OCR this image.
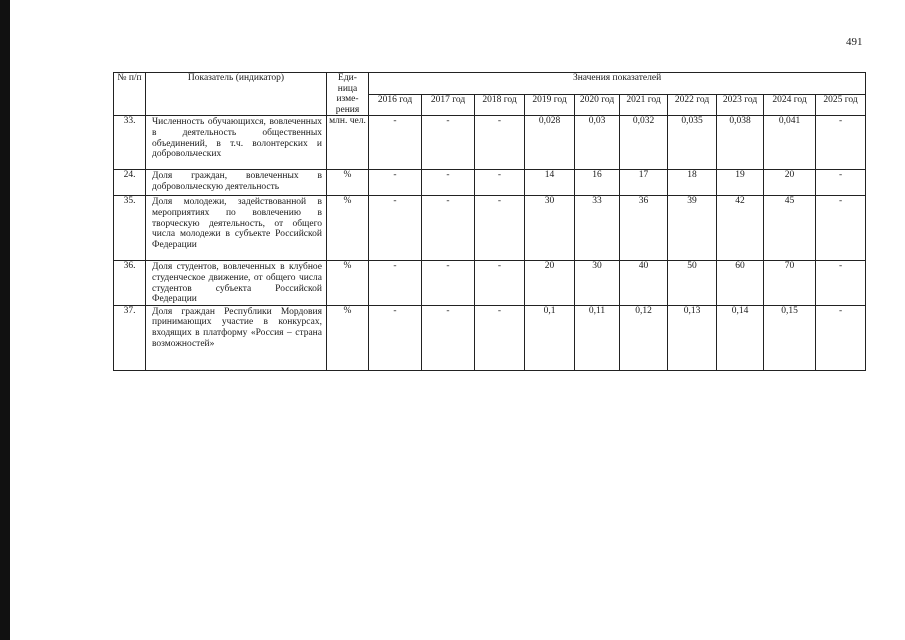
491
№ п/п	Показатель (индикатор)	Еди-ница изме-рения	Значения показателей									
			2016 год	2017 год	2018 год	2019 год	2020 год	2021 год	2022 год	2023 год	2024 год	2025 год
33.	Численность обучающихся, вовлеченных в деятельность общественных объединений, в т.ч. волонтерских и добровольческих	млн. чел.	-	-	-	0,028	0,03	0,032	0,035	0,038	0,041	-
24.	Доля граждан, вовлеченных в добровольческую деятельность	%	-	-	-	14	16	17	18	19	20	-
35.	Доля молодежи, задействованной в мероприятиях по вовлечению в творческую деятельность, от общего числа молодежи в субъекте Российской Федерации	%	-	-	-	30	33	36	39	42	45	-
36.	Доля студентов, вовлеченных в клубное студенческое движение, от общего числа студентов субъекта Российской Федерации	%	-	-	-	20	30	40	50	60	70	-
37.	Доля граждан Республики Мордовия принимающих участие в конкурсах, входящих в платформу «Россия – страна возможностей»	%	-	-	-	0,1	0,11	0,12	0,13	0,14	0,15	-
